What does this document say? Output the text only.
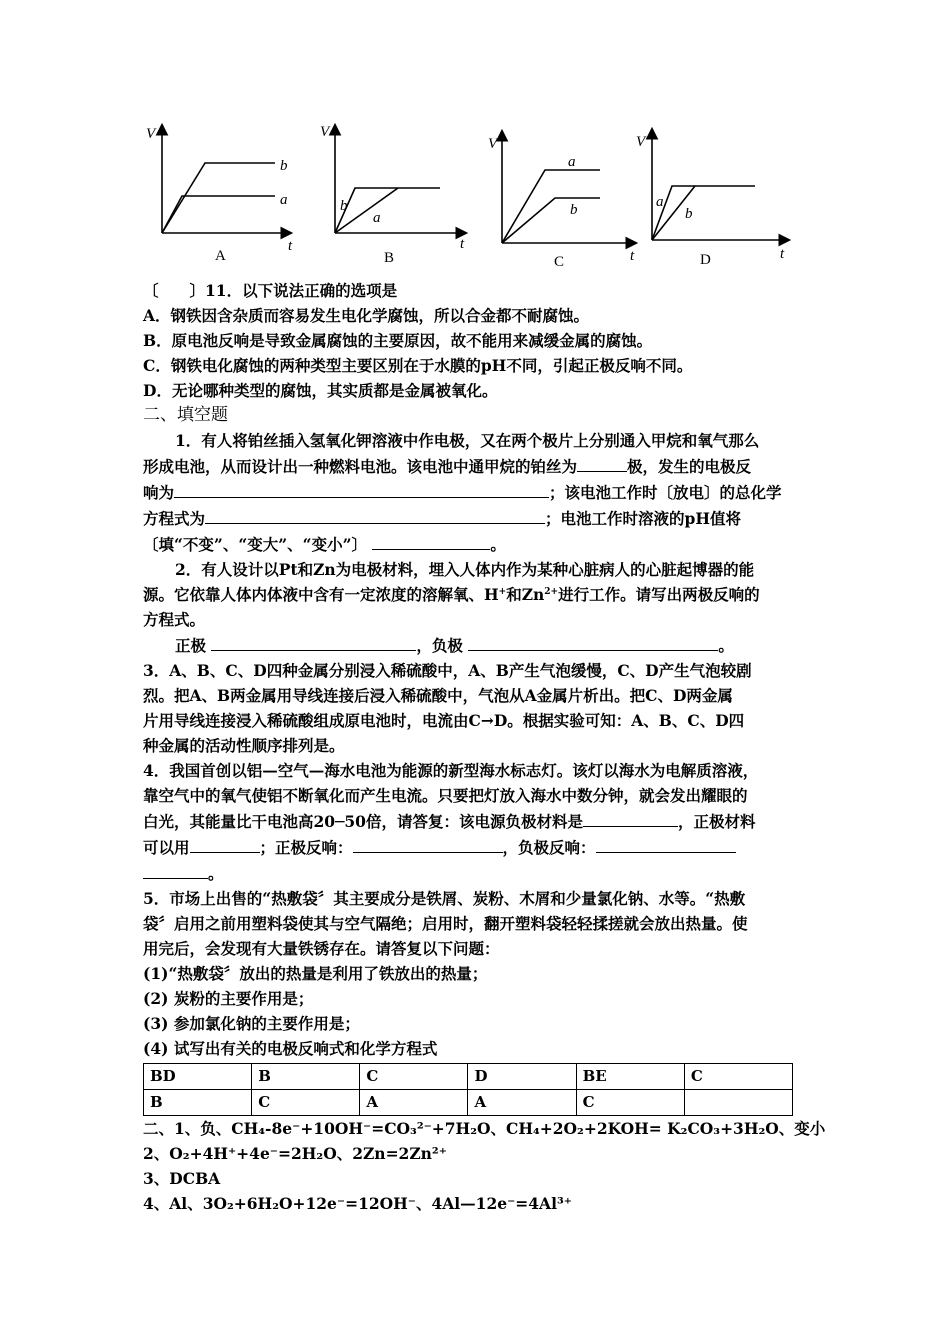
V
t
b
a
V
t
b
a
V
t
a
b
V
t
a
b
A	B	C	D
〔　　〕11．以下说法正确的选项是
A．钢铁因含杂质而容易发生电化学腐蚀，所以合金都不耐腐蚀。
B．原电池反响是导致金属腐蚀的主要原因，故不能用来减缓金属的腐蚀。
C．钢铁电化腐蚀的两种类型主要区别在于水膜的pH不同，引起正极反响不同。
D．无论哪种类型的腐蚀，其实质都是金属被氧化。
二、填空题
1．有人将铂丝插入氢氧化钾溶液中作电极，又在两个极片上分别通入甲烷和氧气那么
形成电池，从而设计出一种燃料电池。该电池中通甲烷的铂丝为	极，发生的电极反
响为	；该电池工作时〔放电〕的总化学
方程式为	；电池工作时溶液的pH值将
〔填“不变”、“变大”、“变小”〕	。
2．有人设计以Pt和Zn为电极材料，埋入人体内作为某种心脏病人的心脏起博器的能
源。它依靠人体内体液中含有一定浓度的溶解氧、H+和$Zn^{2+}$进行工作。请写出两极反响的
方程式。
正极	，负极	。
3．A、B、C、D四种金属分别浸入稀硫酸中，A、B产生气泡缓慢，C、D产生气泡较剧
烈。把A、B两金属用导线连接后浸入稀硫酸中，气泡从A金属片析出。把C、D两金属
片用导线连接浸入稀硫酸组成原电池时，电流由C→D。根据实验可知：A、B、C、D四
种金属的活动性顺序排列是。
4．我国首创以铝—空气—海水电池为能源的新型海水标志灯。该灯以海水为电解质溶液，
靠空气中的氧气使铝不断氧化而产生电流。只要把灯放入海水中数分钟，就会发出耀眼的
白光，其能量比干电池高20─50倍，请答复：该电源负极材料是	，正极材料
可以用	；正极反响：	，负极反响：
。
5．市场上出售的“热敷袋〞其主要成分是铁屑、炭粉、木屑和少量氯化钠、水等。“热敷
袋〞启用之前用塑料袋使其与空气隔绝；启用时，翻开塑料袋轻轻揉搓就会放出热量。使
用完后，会发现有大量铁锈存在。请答复以下问题：
(1)“热敷袋〞放出的热量是利用了铁放出的热量；
(2) 炭粉的主要作用是；
(3) 参加氯化钠的主要作用是；
(4) 试写出有关的电极反响式和化学方程式
BD	B	C	D	BE	C
B	C	A	A	C	
二、1、负、CH₄-8e⁻+10OH⁻=CO₃²⁻+7H₂O、CH₄+2O₂+2KOH= K₂CO₃+3H₂O、变小
2、O₂+4H⁺+4e⁻=2H₂O、2Zn=2Zn²⁺
3、DCBA
4、Al、3O₂+6H₂O+12e⁻=12OH⁻、4Al—12e⁻=4Al³⁺
